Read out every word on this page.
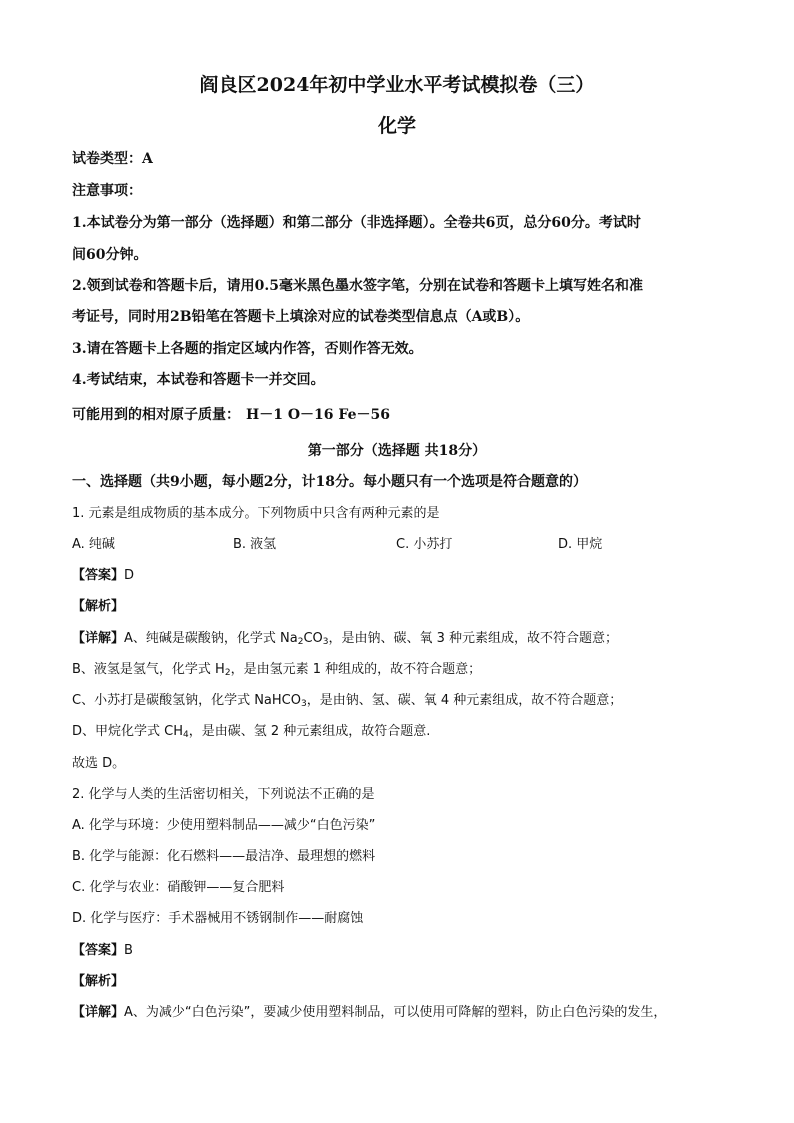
阎良区2024年初中学业水平考试模拟卷（三）
化学
试卷类型：A
注意事项：
1.本试卷分为第一部分（选择题）和第二部分（非选择题）。全卷共6页，总分60分。考试时
间60分钟。
2.领到试卷和答题卡后，请用0.5毫米黑色墨水签字笔，分别在试卷和答题卡上填写姓名和准
考证号，同时用2B铅笔在答题卡上填涂对应的试卷类型信息点（A或B）。
3.请在答题卡上各题的指定区域内作答，否则作答无效。
4.考试结束，本试卷和答题卡一并交回。
可能用到的相对原子质量： H－1 O－16 Fe－56
第一部分（选择题 共18分）
一、选择题（共9小题，每小题2分，计18分。每小题只有一个选项是符合题意的）
1. 元素是组成物质的基本成分。下列物质中只含有两种元素的是
A. 纯碱	B. 液氢	C. 小苏打	D. 甲烷
【答案】D
【解析】
【详解】A、纯碱是碳酸钠，化学式 $Na_2CO_3$，是由钠、碳、氧 3 种元素组成，故不符合题意；
B、液氢是氢气，化学式 $H_2$，是由氢元素 1 种组成的，故不符合题意；
C、小苏打是碳酸氢钠，化学式 NaHCO$_3$，是由钠、氢、碳、氧 4 种元素组成，故不符合题意；
D、甲烷化学式 $CH_4$，是由碳、氢 2 种元素组成，故符合题意.
故选 D。
2. 化学与人类的生活密切相关，下列说法不正确的是
A. 化学与环境：少使用塑料制品——减少“白色污染”
B. 化学与能源：化石燃料——最洁净、最理想的燃料
C. 化学与农业：硝酸钾——复合肥料
D. 化学与医疗：手术器械用不锈钢制作——耐腐蚀
【答案】B
【解析】
【详解】A、为减少“白色污染”，要减少使用塑料制品，可以使用可降解的塑料，防止白色污染的发生，
